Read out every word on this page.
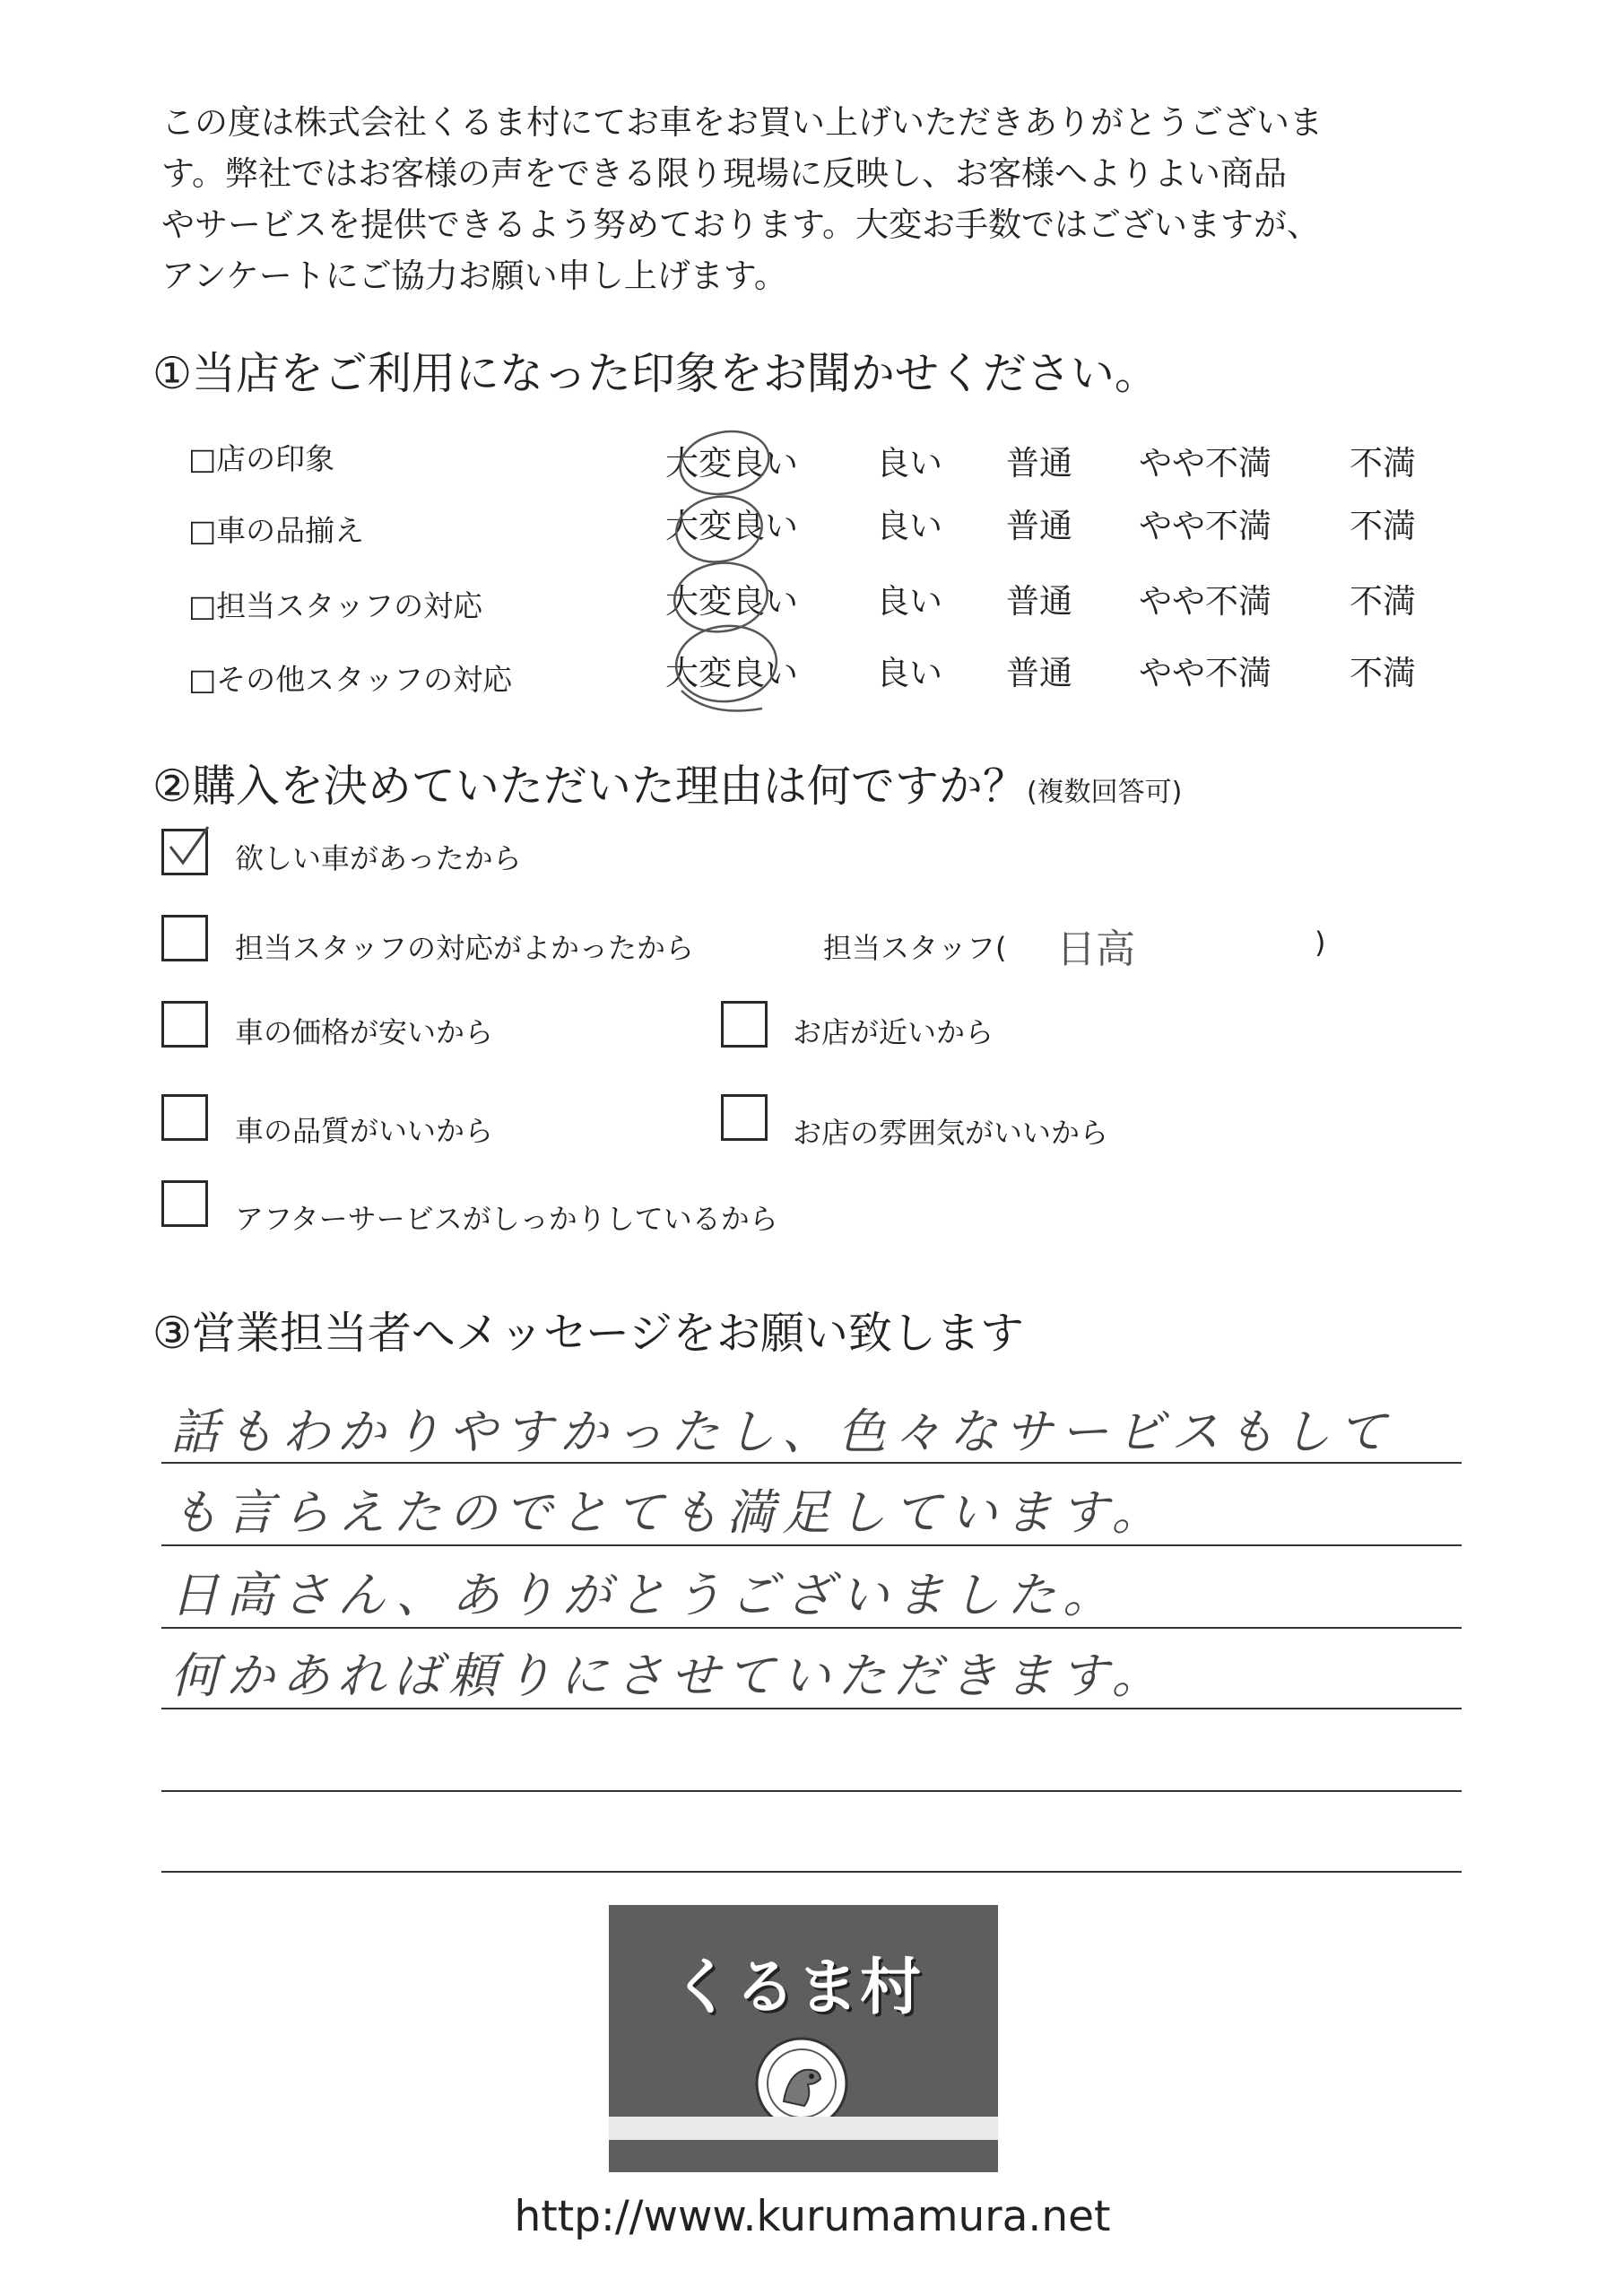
この度は株式会社くるま村にてお車をお買い上げいただきありがとうございま
す。弊社ではお客様の声をできる限り現場に反映し、お客様へよりよい商品
やサービスを提供できるよう努めております。大変お手数ではございますが、
アンケートにご協力お願い申し上げます。
①当店をご利用になった印象をお聞かせください。
□店の印象	大変良い 良い 普通 やや不満 不満
□車の品揃え	大変良い 良い 普通 やや不満 不満
□担当スタッフの対応	大変良い 良い 普通 やや不満 不満
□その他スタッフの対応	大変良い 良い 普通 やや不満 不満
②購入を決めていただいた理由は何ですか？(複数回答可)
欲しい車があったから
担当スタッフの対応がよかったから	担当スタッフ( 日高	)
車の価格が安いから	お店が近いから
車の品質がいいから	お店の雰囲気がいいから
アフターサービスがしっかりしているから
③営業担当者へメッセージをお願い致します
話もわかりやすかったし、色々なサービスもして
も言らえたのでとても満足しています。
日高さん、ありがとうございました。
何かあれば頼りにさせていただきます。
くるま村
http://www.kurumamura.net
